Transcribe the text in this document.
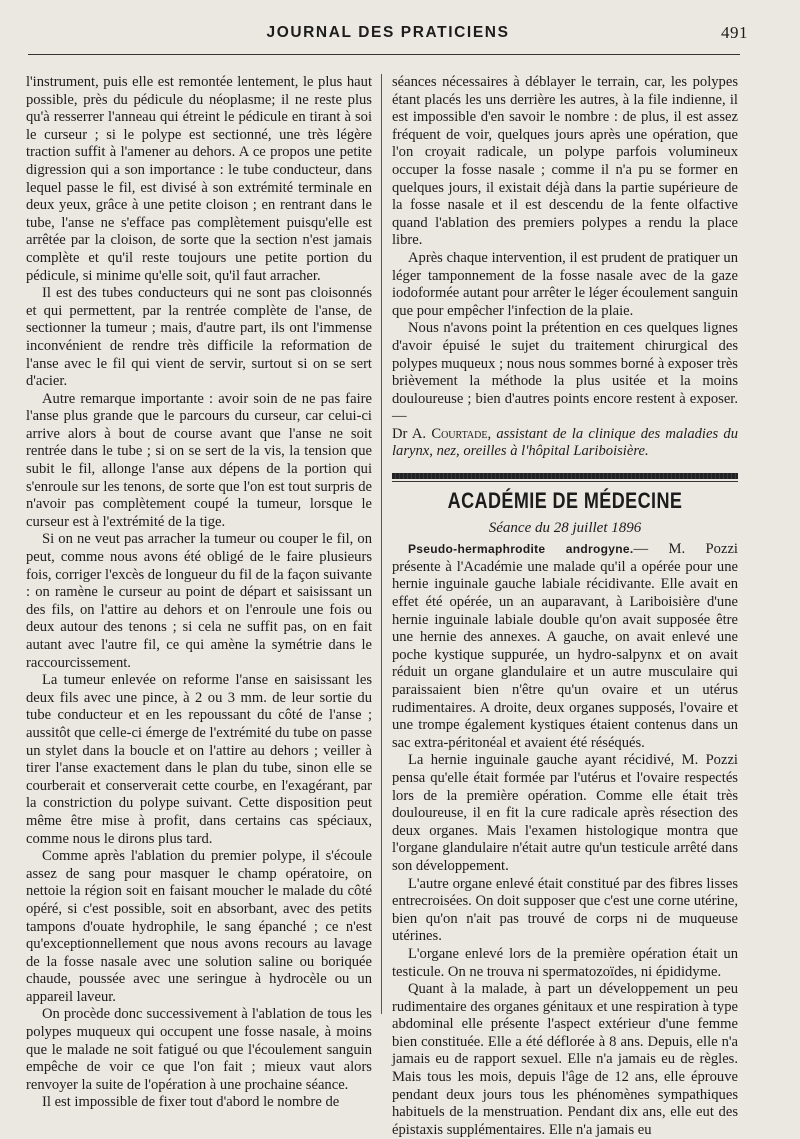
JOURNAL DES PRATICIENS	491

l'instrument, puis elle est remontée lentement, le plus haut possible, près du pédicule du néoplasme; il ne reste plus qu'à resserrer l'anneau qui étreint le pédicule en tirant à soi le curseur ; si le polype est sectionné, une très légère traction suffit à l'amener au dehors. A ce propos une petite digression qui a son importance : le tube conducteur, dans lequel passe le fil, est divisé à son extrémité terminale en deux yeux, grâce à une petite cloison ; en rentrant dans le tube, l'anse ne s'efface pas complètement puisqu'elle est arrêtée par la cloison, de sorte que la section n'est jamais complète et qu'il reste toujours une petite portion du pédicule, si minime qu'elle soit, qu'il faut arracher.

Il est des tubes conducteurs qui ne sont pas cloisonnés et qui permettent, par la rentrée complète de l'anse, de sectionner la tumeur ; mais, d'autre part, ils ont l'immense inconvénient de rendre très difficile la reformation de l'anse avec le fil qui vient de servir, surtout si on se sert d'acier.

Autre remarque importante : avoir soin de ne pas faire l'anse plus grande que le parcours du curseur, car celui-ci arrive alors à bout de course avant que l'anse ne soit rentrée dans le tube ; si on se sert de la vis, la tension que subit le fil, allonge l'anse aux dépens de la portion qui s'enroule sur les tenons, de sorte que l'on est tout surpris de n'avoir pas complètement coupé la tumeur, lorsque le curseur est à l'extrémité de la tige.

Si on ne veut pas arracher la tumeur ou couper le fil, on peut, comme nous avons été obligé de le faire plusieurs fois, corriger l'excès de longueur du fil de la façon suivante : on ramène le curseur au point de départ et saisissant un des fils, on l'attire au dehors et on l'enroule une fois ou deux autour des tenons ; si cela ne suffit pas, on en fait autant avec l'autre fil, ce qui amène la symétrie dans le raccourcissement.

La tumeur enlevée on reforme l'anse en saisissant les deux fils avec une pince, à 2 ou 3 mm. de leur sortie du tube conducteur et en les repoussant du côté de l'anse ; aussitôt que celle-ci émerge de l'extrémité du tube on passe un stylet dans la boucle et on l'attire au dehors ; veiller à tirer l'anse exactement dans le plan du tube, sinon elle se courberait et conserverait cette courbe, en l'exagérant, par la constriction du polype suivant. Cette disposition peut même être mise à profit, dans certains cas spéciaux, comme nous le dirons plus tard.

Comme après l'ablation du premier polype, il s'écoule assez de sang pour masquer le champ opératoire, on nettoie la région soit en faisant moucher le malade du côté opéré, si c'est possible, soit en absorbant, avec des petits tampons d'ouate hydrophile, le sang épanché ; ce n'est qu'exceptionnellement que nous avons recours au lavage de la fosse nasale avec une solution saline ou boriquée chaude, poussée avec une seringue à hydrocèle ou un appareil laveur.

On procède donc successivement à l'ablation de tous les polypes muqueux qui occupent une fosse nasale, à moins que le malade ne soit fatigué ou que l'écoulement sanguin empêche de voir ce que l'on fait ; mieux vaut alors renvoyer la suite de l'opération à une prochaine séance.

Il est impossible de fixer tout d'abord le nombre de

séances nécessaires à déblayer le terrain, car, les polypes étant placés les uns derrière les autres, à la file indienne, il est impossible d'en savoir le nombre : de plus, il est assez fréquent de voir, quelques jours après une opération, que l'on croyait radicale, un polype parfois volumineux occuper la fosse nasale ; comme il n'a pu se former en quelques jours, il existait déjà dans la partie supérieure de la fosse nasale et il est descendu de la fente olfactive quand l'ablation des premiers polypes a rendu la place libre.

Après chaque intervention, il est prudent de pratiquer un léger tamponnement de la fosse nasale avec de la gaze iodoformée autant pour arrêter le léger écoulement sanguin que pour empêcher l'infection de la plaie.

Nous n'avons point la prétention en ces quelques lignes d'avoir épuisé le sujet du traitement chirurgical des polypes muqueux ; nous nous sommes borné à exposer très brièvement la méthode la plus usitée et la moins douloureuse ; bien d'autres points encore restent à exposer. —

Dr A. Courtade, assistant de la clinique des maladies du larynx, nez, oreilles à l'hôpital Lariboisière.

ACADÉMIE DE MÉDECINE
Séance du 28 juillet 1896

Pseudo-hermaphrodite androgyne.— M. Pozzi présente à l'Académie une malade qu'il a opérée pour une hernie inguinale gauche labiale récidivante. Elle avait en effet été opérée, un an auparavant, à Lariboisière d'une hernie inguinale labiale double qu'on avait supposée être une hernie des annexes. A gauche, on avait enlevé une poche kystique suppurée, un hydro-salpynx et on avait réduit un organe glandulaire et un autre musculaire qui paraissaient bien n'être qu'un ovaire et un utérus rudimentaires. A droite, deux organes supposés, l'ovaire et une trompe également kystiques étaient contenus dans un sac extra-péritonéal et avaient été réséqués.

La hernie inguinale gauche ayant récidivé, M. Pozzi pensa qu'elle était formée par l'utérus et l'ovaire respectés lors de la première opération. Comme elle était très douloureuse, il en fit la cure radicale après résection des deux organes. Mais l'examen histologique montra que l'organe glandulaire n'était autre qu'un testicule arrêté dans son développement.

L'autre organe enlevé était constitué par des fibres lisses entrecroisées. On doit supposer que c'est une corne utérine, bien qu'on n'ait pas trouvé de corps ni de muqueuse utérines.

L'organe enlevé lors de la première opération était un testicule. On ne trouva ni spermatozoïdes, ni épididyme.

Quant à la malade, à part un développement un peu rudimentaire des organes génitaux et une respiration à type abdominal elle présente l'aspect extérieur d'une femme bien constituée. Elle a été déflorée à 8 ans. Depuis, elle n'a jamais eu de rapport sexuel. Elle n'a jamais eu de règles. Mais tous les mois, depuis l'âge de 12 ans, elle éprouve pendant deux jours tous les phénomènes sympathiques habituels de la menstruation. Pendant dix ans, elle eut des épistaxis supplémentaires. Elle n'a jamais eu
